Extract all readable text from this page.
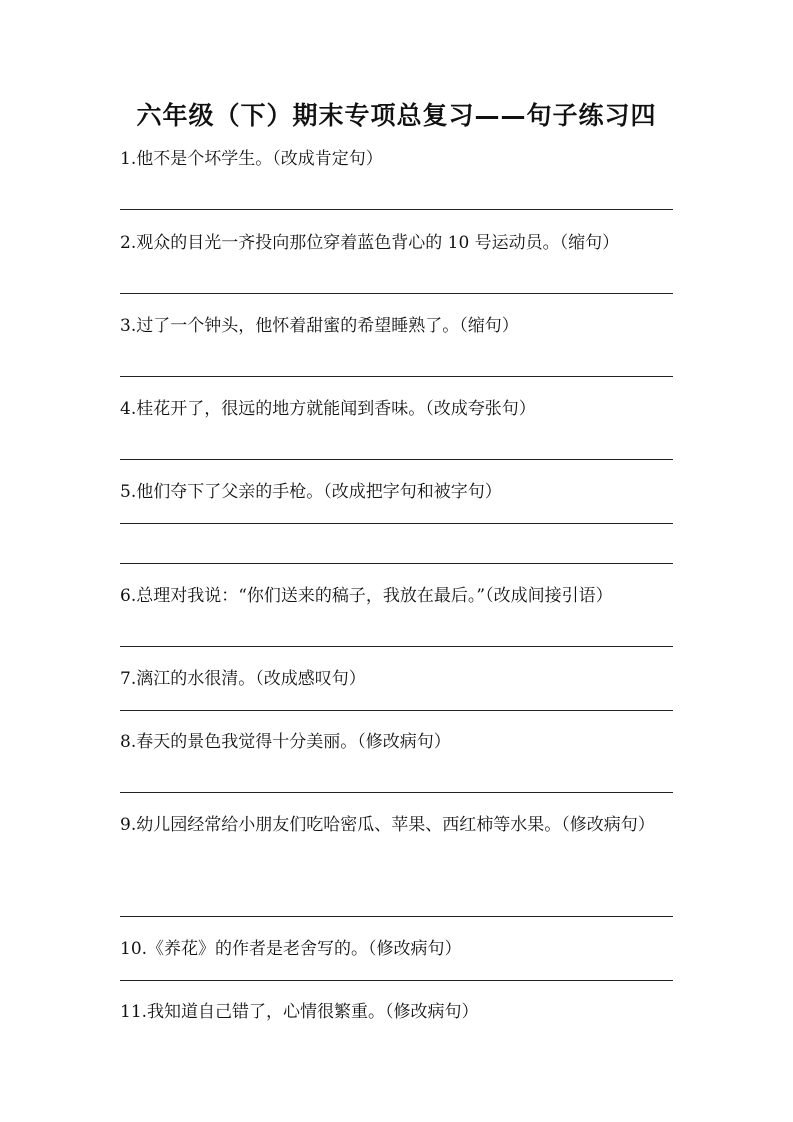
六年级（下）期末专项总复习——句子练习四
1.他不是个坏学生。（改成肯定句）
2.观众的目光一齐投向那位穿着蓝色背心的 10 号运动员。（缩句）
3.过了一个钟头，他怀着甜蜜的希望睡熟了。（缩句）
4.桂花开了，很远的地方就能闻到香味。（改成夸张句）
5.他们夺下了父亲的手枪。（改成把字句和被字句）
6.总理对我说：“你们送来的稿子，我放在最后。”（改成间接引语）
7.漓江的水很清。（改成感叹句）
8.春天的景色我觉得十分美丽。（修改病句）
9.幼儿园经常给小朋友们吃哈密瓜、苹果、西红柿等水果。（修改病句）
10.《养花》的作者是老舍写的。（修改病句）
11.我知道自己错了，心情很繁重。（修改病句）
